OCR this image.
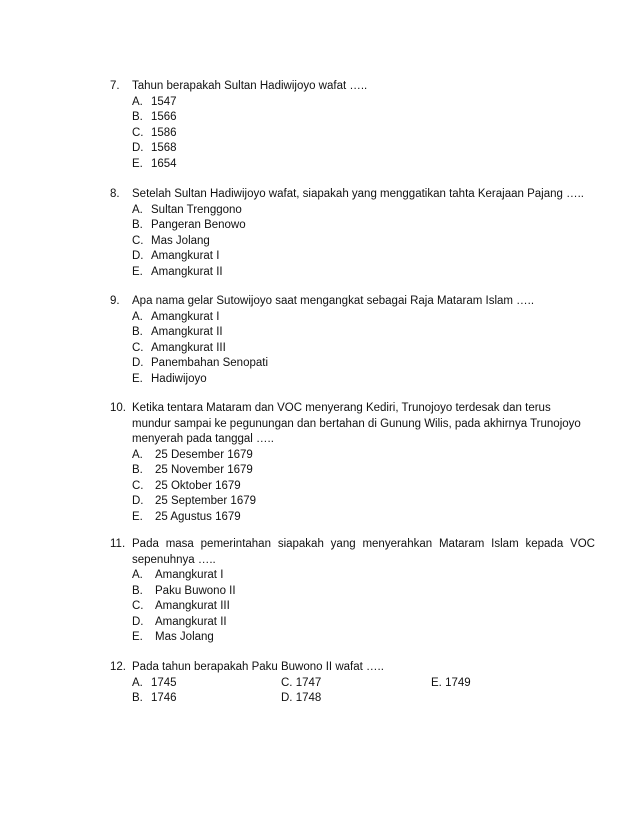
7.	Tahun berapakah Sultan Hadiwijoyo wafat …..
A. 1547
B. 1566
C. 1586
D. 1568
E. 1654
8.	Setelah Sultan Hadiwijoyo wafat, siapakah yang menggatikan tahta Kerajaan Pajang …..
A. Sultan Trenggono
B. Pangeran Benowo
C. Mas Jolang
D. Amangkurat I
E. Amangkurat II
9.	Apa nama gelar Sutowijoyo saat mengangkat sebagai Raja Mataram Islam …..
A. Amangkurat I
B. Amangkurat II
C. Amangkurat III
D. Panembahan Senopati
E. Hadiwijoyo
10. Ketika tentara Mataram dan VOC menyerang Kediri, Trunojoyo terdesak dan terus
mundur sampai ke pegunungan dan bertahan di Gunung Wilis, pada akhirnya Trunojoyo
menyerah pada tanggal …..
A.	25 Desember 1679
B.	25 November 1679
C.	25 Oktober 1679
D.	25 September 1679
E.	25 Agustus 1679
11. Pada masa pemerintahan siapakah yang menyerahkan Mataram Islam kepada VOC
sepenuhnya …..
A.	Amangkurat I
B.	Paku Buwono II
C.	Amangkurat III
D.	Amangkurat II
E.	Mas Jolang
12. Pada tahun berapakah Paku Buwono II wafat …..
A. 1745	C. 1747	E. 1749
B. 1746	D. 1748
